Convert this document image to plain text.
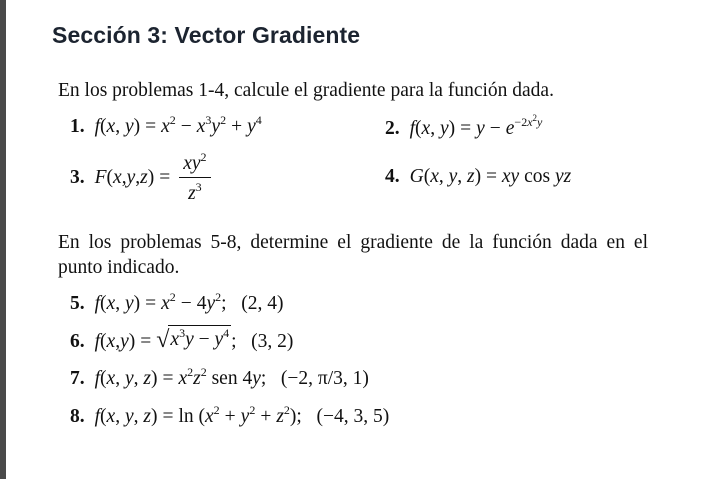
Sección 3: Vector Gradiente
En los problemas 1-4, calcule el gradiente para la función dada.
1. f(x, $y) = x^2 - x^3y^2 + y^4$	2. f(x, $y) = y - e^{-2x^2y}$
3. F ( x , y , z ) = $\frac{xy^2}{z^3}$	4. G(x, y, z) = xy cos yz
En los problemas 5-8, determine el gradiente de la función dada en el punto indicado.
5. f(x, $y) = x^2 - 4y^2$; (2, 4)
6. f ( x , y ) = √ $x^3y - y^4$ ; (3, 2)
7. f(x, y, $z) = x^2z^2$ sen 4y; (−2, π/3, 1)
8. f(x, y, $z) = \ln (x^2 + y^2 + z^2)$; (−4, 3, 5)
